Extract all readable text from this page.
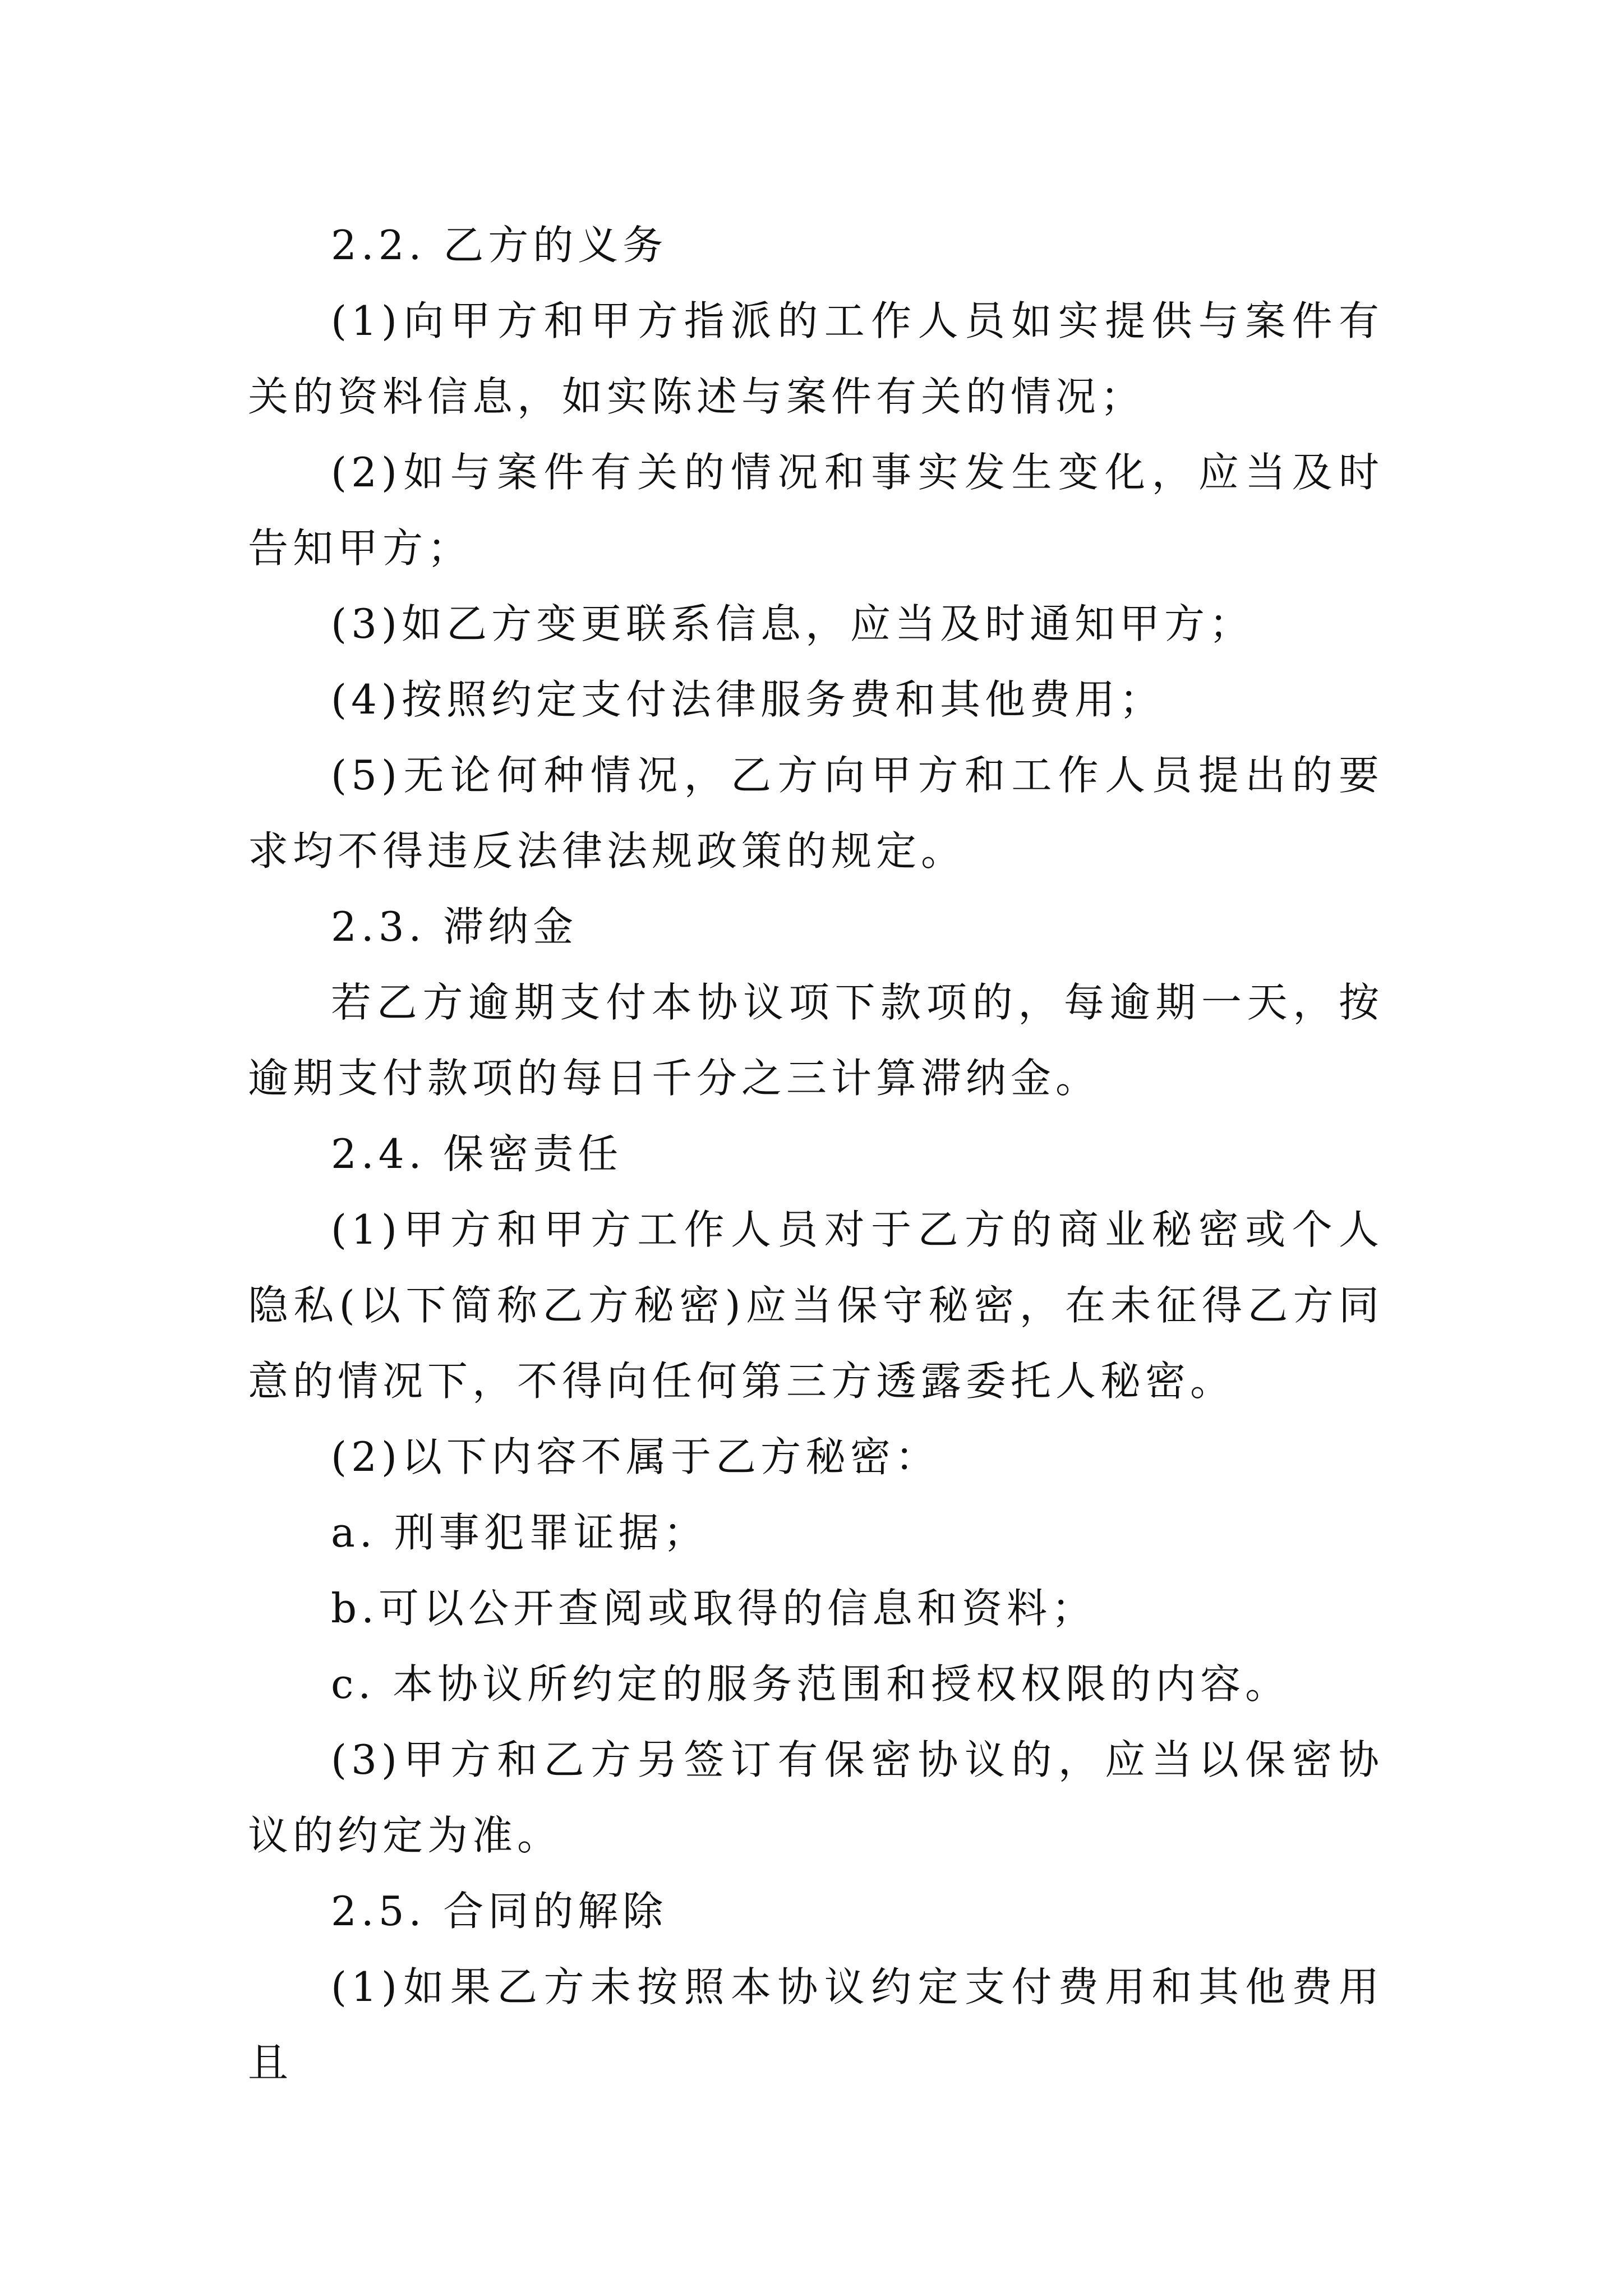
2.2. 乙方的义务

(1)向甲方和甲方指派的工作人员如实提供与案件有关的资料信息，如实陈述与案件有关的情况；

(2)如与案件有关的情况和事实发生变化，应当及时告知甲方；

(3)如乙方变更联系信息，应当及时通知甲方；

(4)按照约定支付法律服务费和其他费用；

(5)无论何种情况，乙方向甲方和工作人员提出的要求均不得违反法律法规政策的规定。

2.3. 滞纳金

若乙方逾期支付本协议项下款项的，每逾期一天，按逾期支付款项的每日千分之三计算滞纳金。

2.4. 保密责任

(1)甲方和甲方工作人员对于乙方的商业秘密或个人隐私(以下简称乙方秘密)应当保守秘密，在未征得乙方同意的情况下，不得向任何第三方透露委托人秘密。

(2)以下内容不属于乙方秘密：

a. 刑事犯罪证据；

b.可以公开查阅或取得的信息和资料；

c. 本协议所约定的服务范围和授权权限的内容。

(3)甲方和乙方另签订有保密协议的，应当以保密协议的约定为准。

2.5. 合同的解除

(1)如果乙方未按照本协议约定支付费用和其他费用且
